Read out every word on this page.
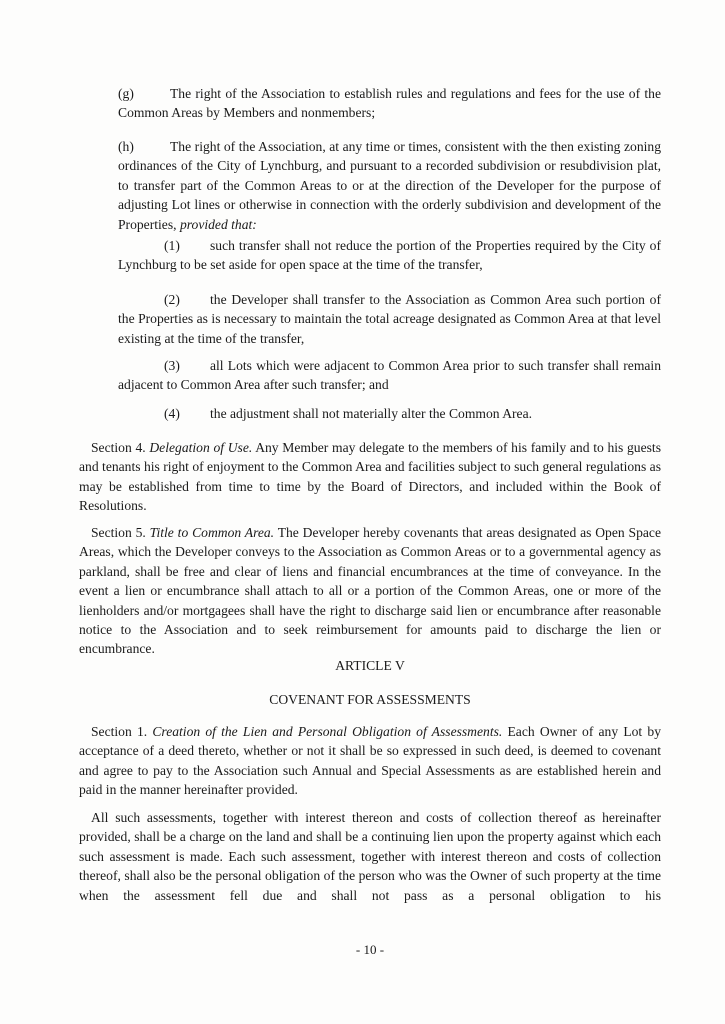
(g)	The right of the Association to establish rules and regulations and fees for the use of the Common Areas by Members and nonmembers;

(h)	The right of the Association, at any time or times, consistent with the then existing zoning ordinances of the City of Lynchburg, and pursuant to a recorded subdivision or resubdivision plat, to transfer part of the Common Areas to or at the direction of the Developer for the purpose of adjusting Lot lines or otherwise in connection with the orderly subdivision and development of the Properties, provided that:

(1) such transfer shall not reduce the portion of the Properties required by the City of Lynchburg to be set aside for open space at the time of the transfer,

(2) the Developer shall transfer to the Association as Common Area such portion of the Properties as is necessary to maintain the total acreage designated as Common Area at that level existing at the time of the transfer,

(3) all Lots which were adjacent to Common Area prior to such transfer shall remain adjacent to Common Area after such transfer; and

(4) the adjustment shall not materially alter the Common Area.

Section 4. Delegation of Use. Any Member may delegate to the members of his family and to his guests and tenants his right of enjoyment to the Common Area and facilities subject to such general regulations as may be established from time to time by the Board of Directors, and included within the Book of Resolutions.

Section 5. Title to Common Area. The Developer hereby covenants that areas designated as Open Space Areas, which the Developer conveys to the Association as Common Areas or to a governmental agency as parkland, shall be free and clear of liens and financial encumbrances at the time of conveyance. In the event a lien or encumbrance shall attach to all or a portion of the Common Areas, one or more of the lienholders and/or mortgagees shall have the right to discharge said lien or encumbrance after reasonable notice to the Association and to seek reimbursement for amounts paid to discharge the lien or encumbrance.

ARTICLE V

COVENANT FOR ASSESSMENTS

Section 1. Creation of the Lien and Personal Obligation of Assessments. Each Owner of any Lot by acceptance of a deed thereto, whether or not it shall be so expressed in such deed, is deemed to covenant and agree to pay to the Association such Annual and Special Assessments as are established herein and paid in the manner hereinafter provided.

All such assessments, together with interest thereon and costs of collection thereof as hereinafter provided, shall be a charge on the land and shall be a continuing lien upon the property against which each such assessment is made. Each such assessment, together with interest thereon and costs of collection thereof, shall also be the personal obligation of the person who was the Owner of such property at the time when the assessment fell due and shall not pass as a personal obligation to his

- 10 -
